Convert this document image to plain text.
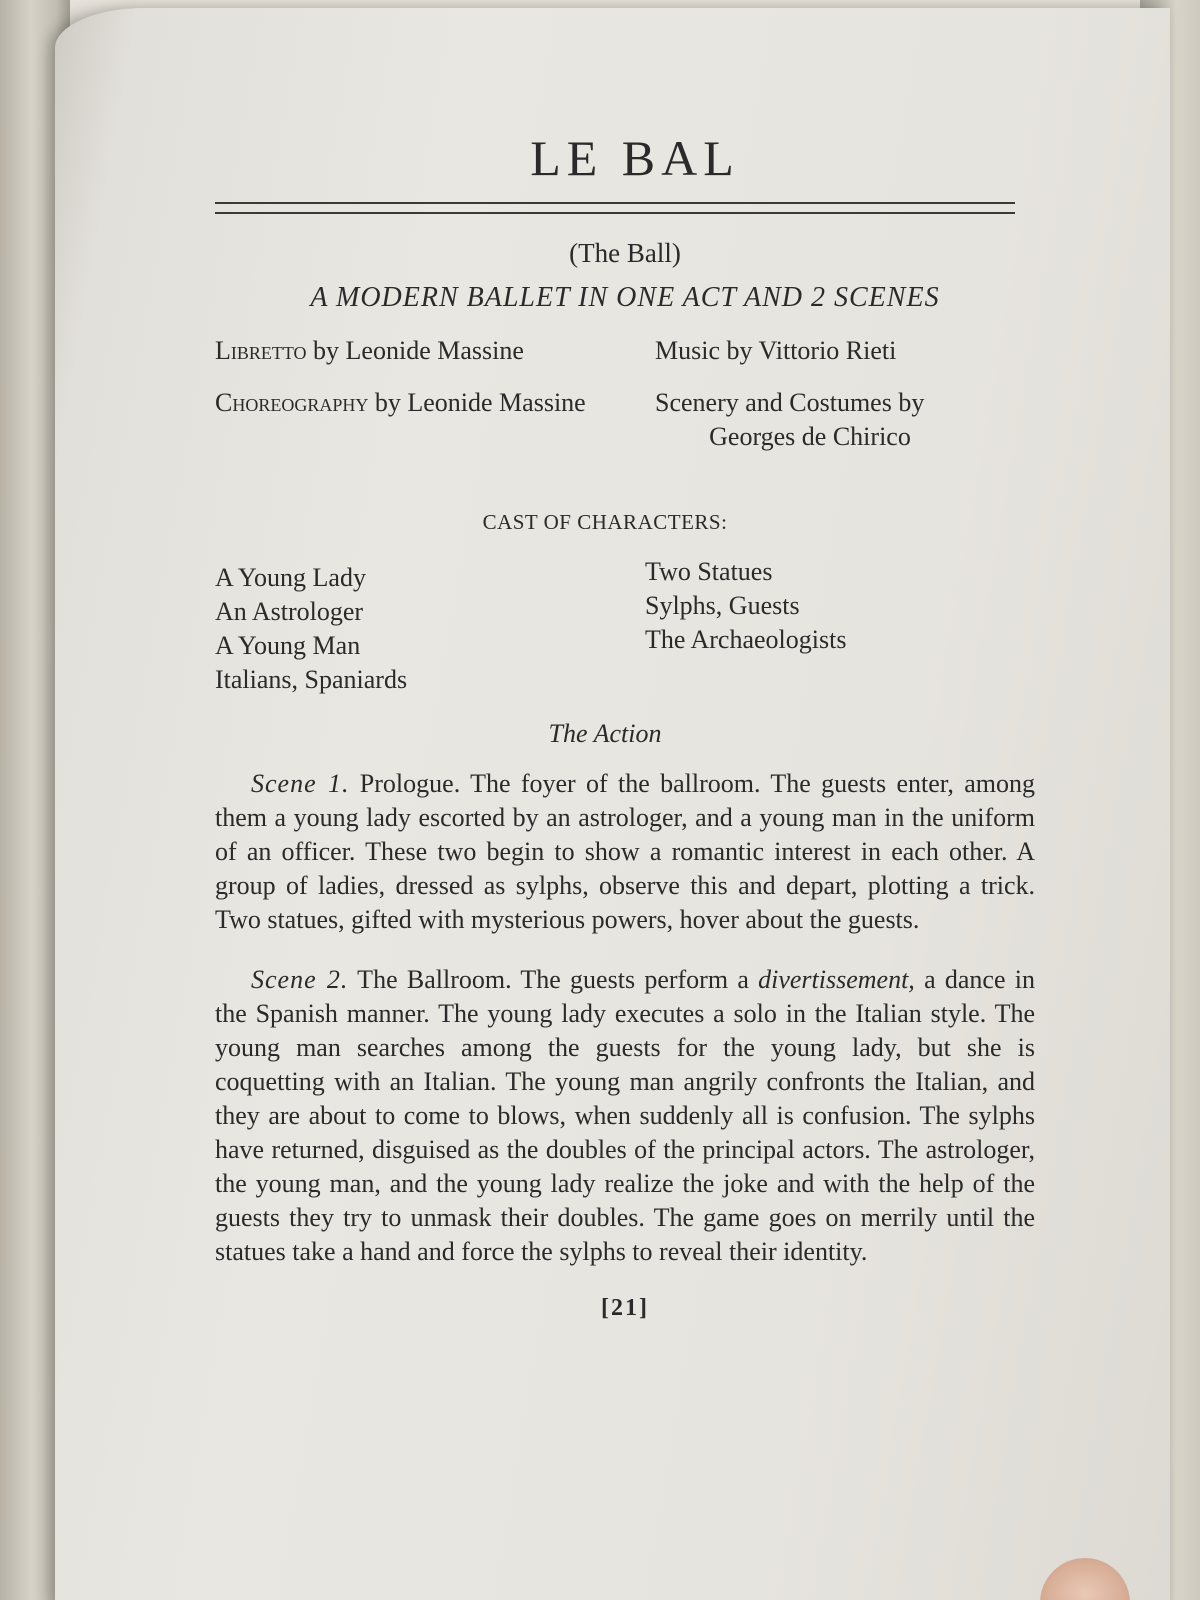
LE BAL
(The Ball)
A MODERN BALLET IN ONE ACT AND 2 SCENES
Libretto by Leonide Massine	Music by Vittorio Rieti
Choreography by Leonide Massine	Scenery and Costumes by
Georges de Chirico
CAST OF CHARACTERS:
A Young Lady
An Astrologer
A Young Man
Italians, Spaniards
Two Statues
Sylphs, Guests
The Archaeologists
The Action

Scene 1. Prologue. The foyer of the ballroom. The guests enter, among them a young lady escorted by an astrologer, and a young man in the uniform of an officer. These two begin to show a romantic interest in each other. A group of ladies, dressed as sylphs, observe this and depart, plotting a trick. Two statues, gifted with mysterious powers, hover about the guests.

Scene 2. The Ballroom. The guests perform a divertissement, a dance in the Spanish manner. The young lady executes a solo in the Italian style. The young man searches among the guests for the young lady, but she is coquetting with an Italian. The young man angrily confronts the Italian, and they are about to come to blows, when suddenly all is confusion. The sylphs have returned, disguised as the doubles of the principal actors. The astrologer, the young man, and the young lady realize the joke and with the help of the guests they try to unmask their doubles. The game goes on merrily until the statues take a hand and force the sylphs to reveal their identity.

[21]
